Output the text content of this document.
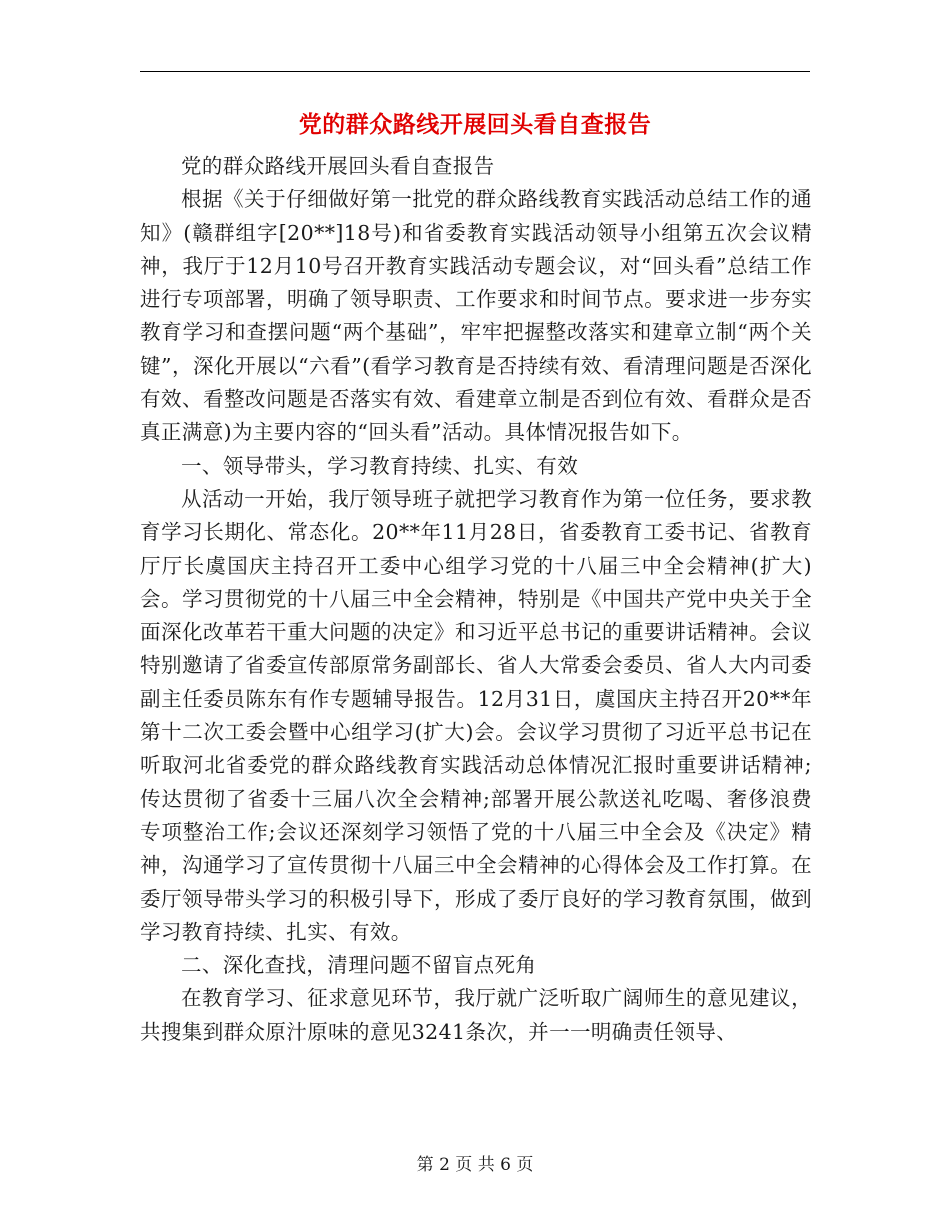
党的群众路线开展回头看自查报告

党的群众路线开展回头看自查报告

根据《关于仔细做好第一批党的群众路线教育实践活动总结工作的通知》(赣群组字[20**]18号)和省委教育实践活动领导小组第五次会议精神，我厅于12月10号召开教育实践活动专题会议，对“回头看”总结工作进行专项部署，明确了领导职责、工作要求和时间节点。要求进一步夯实教育学习和查摆问题“两个基础”，牢牢把握整改落实和建章立制“两个关键”，深化开展以“六看”(看学习教育是否持续有效、看清理问题是否深化有效、看整改问题是否落实有效、看建章立制是否到位有效、看群众是否真正满意)为主要内容的“回头看”活动。具体情况报告如下。

一、领导带头，学习教育持续、扎实、有效

从活动一开始，我厅领导班子就把学习教育作为第一位任务，要求教育学习长期化、常态化。20**年11月28日，省委教育工委书记、省教育厅厅长虞国庆主持召开工委中心组学习党的十八届三中全会精神(扩大)会。学习贯彻党的十八届三中全会精神，特别是《中国共产党中央关于全面深化改革若干重大问题的决定》和习近平总书记的重要讲话精神。会议特别邀请了省委宣传部原常务副部长、省人大常委会委员、省人大内司委副主任委员陈东有作专题辅导报告。12月31日，虞国庆主持召开20**年第十二次工委会暨中心组学习(扩大)会。会议学习贯彻了习近平总书记在听取河北省委党的群众路线教育实践活动总体情况汇报时重要讲话精神;传达贯彻了省委十三届八次全会精神;部署开展公款送礼吃喝、奢侈浪费专项整治工作;会议还深刻学习领悟了党的十八届三中全会及《决定》精神，沟通学习了宣传贯彻十八届三中全会精神的心得体会及工作打算。在委厅领导带头学习的积极引导下，形成了委厅良好的学习教育氛围，做到学习教育持续、扎实、有效。

二、深化查找，清理问题不留盲点死角

在教育学习、征求意见环节，我厅就广泛听取广阔师生的意见建议，共搜集到群众原汁原味的意见3241条次，并一一明确责任领导、

第 2 页 共 6 页
